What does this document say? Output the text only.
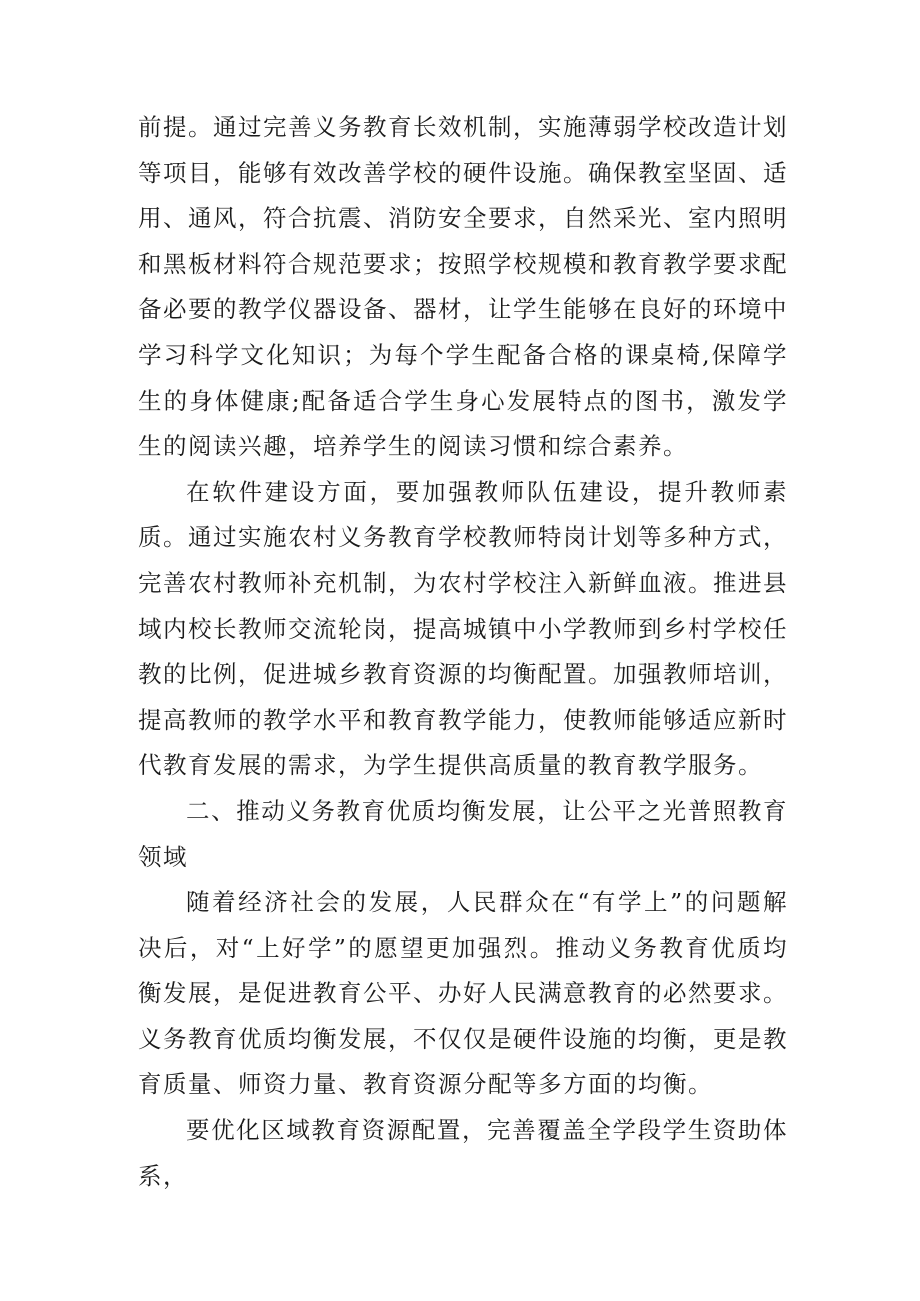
前提。通过完善义务教育长效机制，实施薄弱学校改造计划等项目，能够有效改善学校的硬件设施。确保教室坚固、适用、通风，符合抗震、消防安全要求，自然采光、室内照明和黑板材料符合规范要求；按照学校规模和教育教学要求配备必要的教学仪器设备、器材，让学生能够在良好的环境中学习科学文化知识；为每个学生配备合格的课桌椅,保障学生的身体健康;配备适合学生身心发展特点的图书，激发学生的阅读兴趣，培养学生的阅读习惯和综合素养。

在软件建设方面，要加强教师队伍建设，提升教师素质。通过实施农村义务教育学校教师特岗计划等多种方式，完善农村教师补充机制，为农村学校注入新鲜血液。推进县域内校长教师交流轮岗，提高城镇中小学教师到乡村学校任教的比例，促进城乡教育资源的均衡配置。加强教师培训，提高教师的教学水平和教育教学能力，使教师能够适应新时代教育发展的需求，为学生提供高质量的教育教学服务。

二、推动义务教育优质均衡发展，让公平之光普照教育领域

随着经济社会的发展，人民群众在“有学上”的问题解决后，对“上好学”的愿望更加强烈。推动义务教育优质均衡发展，是促进教育公平、办好人民满意教育的必然要求。义务教育优质均衡发展，不仅仅是硬件设施的均衡，更是教育质量、师资力量、教育资源分配等多方面的均衡。

要优化区域教育资源配置，完善覆盖全学段学生资助体系，
